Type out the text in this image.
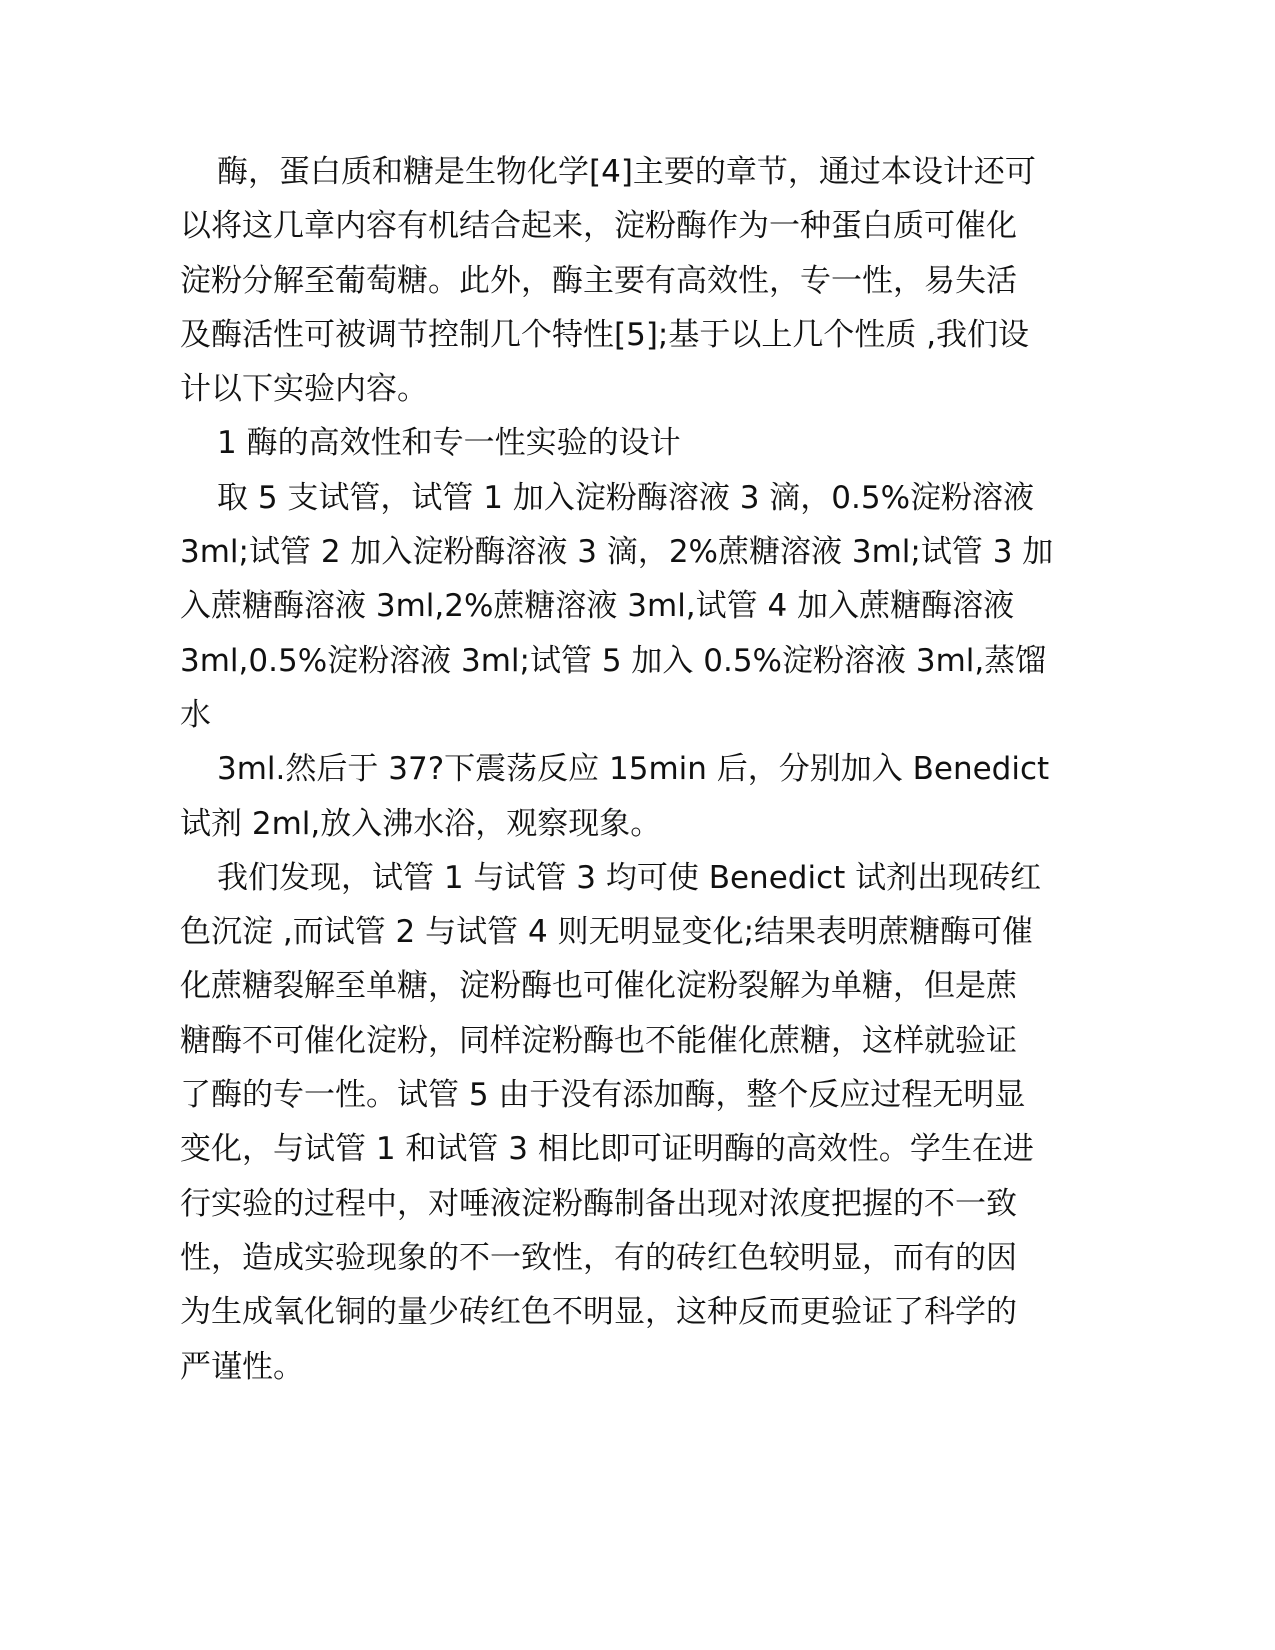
酶，蛋白质和糖是生物化学[4]主要的章节，通过本设计还可
以将这几章内容有机结合起来，淀粉酶作为一种蛋白质可催化
淀粉分解至葡萄糖。此外，酶主要有高效性，专一性，易失活
及酶活性可被调节控制几个特性[5];基于以上几个性质 ,我们设
计以下实验内容。
1 酶的高效性和专一性实验的设计
取 5 支试管，试管 1 加入淀粉酶溶液 3 滴，0.5%淀粉溶液
3ml;试管 2 加入淀粉酶溶液 3 滴，2%蔗糖溶液 3ml;试管 3 加
入蔗糖酶溶液 3ml,2%蔗糖溶液 3ml,试管 4 加入蔗糖酶溶液
3ml,0.5%淀粉溶液 3ml;试管 5 加入 0.5%淀粉溶液 3ml,蒸馏
水
3ml.然后于 37?下震荡反应 15min 后，分别加入 Benedict
试剂 2ml,放入沸水浴，观察现象。
我们发现，试管 1 与试管 3 均可使 Benedict 试剂出现砖红
色沉淀 ,而试管 2 与试管 4 则无明显变化;结果表明蔗糖酶可催
化蔗糖裂解至单糖，淀粉酶也可催化淀粉裂解为单糖，但是蔗
糖酶不可催化淀粉，同样淀粉酶也不能催化蔗糖，这样就验证
了酶的专一性。试管 5 由于没有添加酶，整个反应过程无明显
变化，与试管 1 和试管 3 相比即可证明酶的高效性。学生在进
行实验的过程中，对唾液淀粉酶制备出现对浓度把握的不一致
性，造成实验现象的不一致性，有的砖红色较明显，而有的因
为生成氧化铜的量少砖红色不明显，这种反而更验证了科学的
严谨性。
